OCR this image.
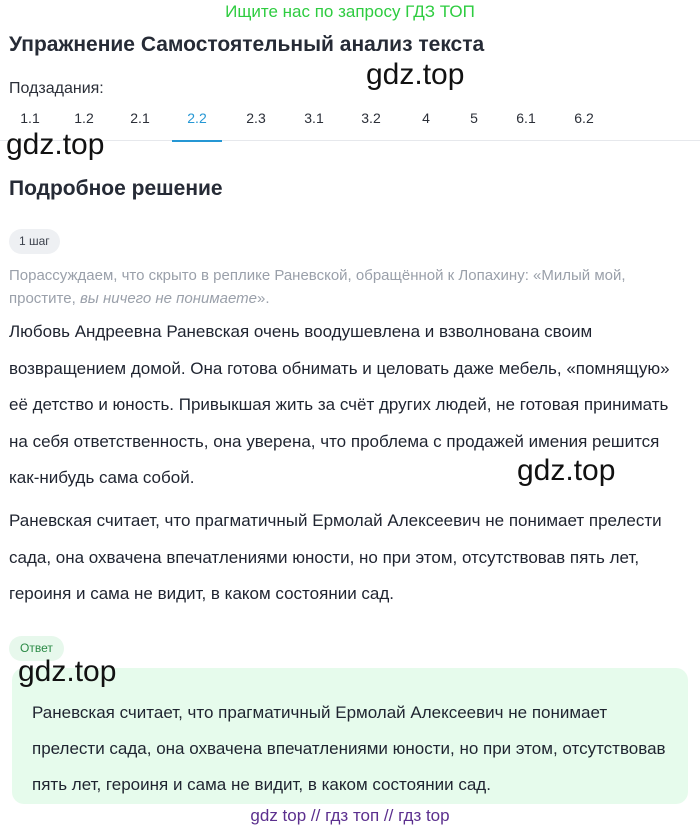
Ищите нас по запросу ГДЗ ТОП
Упражнение Самостоятельный анализ текста
Подзадания:
1.1	1.2	2.1	2.2	2.3	3.1	3.2	4	5	6.1	6.2
gdz.top
gdz.top
gdz.top
gdz.top
Подробное решение
1 шаг

Порассуждаем, что скрыто в реплике Раневской, обращённой к Лопахину: «Милый мой, простите, вы ничего не понимаете».

Любовь Андреевна Раневская очень воодушевлена и взволнована своим возвращением домой. Она готова обнимать и целовать даже мебель, «помнящую» её детство и юность. Привыкшая жить за счёт других людей, не готовая принимать на себя ответственность, она уверена, что проблема с продажей имения решится как-нибудь сама собой.

Раневская считает, что прагматичный Ермолай Алексеевич не понимает прелести сада, она охвачена впечатлениями юности, но при этом, отсутствовав пять лет, героиня и сама не видит, в каком состоянии сад.

Ответ

Раневская считает, что прагматичный Ермолай Алексеевич не понимает прелести сада, она охвачена впечатлениями юности, но при этом, отсутствовав пять лет, героиня и сама не видит, в каком состоянии сад.

gdz top // гдз топ // гдз top
